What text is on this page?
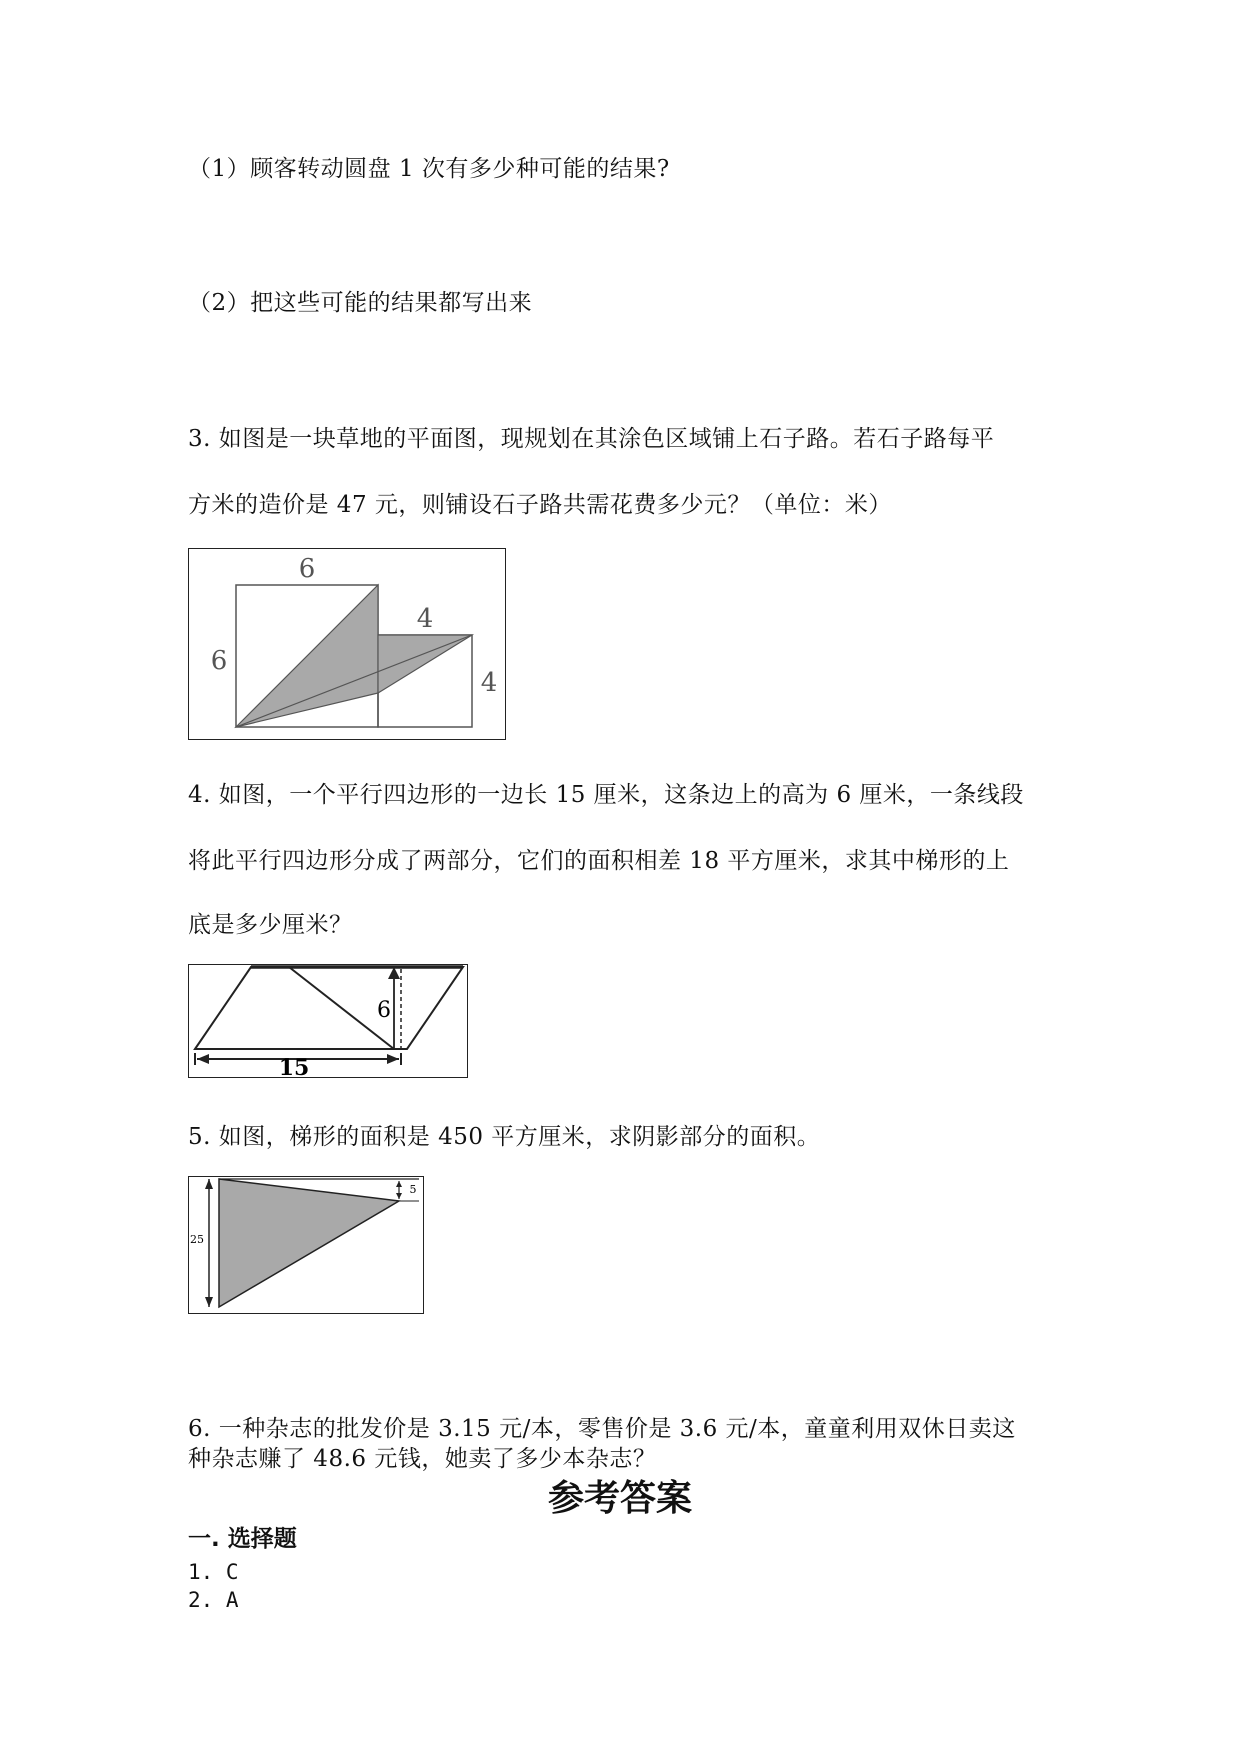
（1）顾客转动圆盘 1 次有多少种可能的结果?
（2）把这些可能的结果都写出来
3. 如图是一块草地的平面图，现规划在其涂色区域铺上石子路。若石子路每平
方米的造价是 47 元，则铺设石子路共需花费多少元？（单位：米）
6
6
4
4
4. 如图，一个平行四边形的一边长 15 厘米，这条边上的高为 6 厘米，一条线段
将此平行四边形分成了两部分，它们的面积相差 18 平方厘米，求其中梯形的上
底是多少厘米？
6
15
5. 如图，梯形的面积是 450 平方厘米，求阴影部分的面积。
25
5
6. 一种杂志的批发价是 3.15 元/本，零售价是 3.6 元/本，童童利用双休日卖这
种杂志赚了 48.6 元钱，她卖了多少本杂志？
参考答案
一. 选择题
1. C
2. A
